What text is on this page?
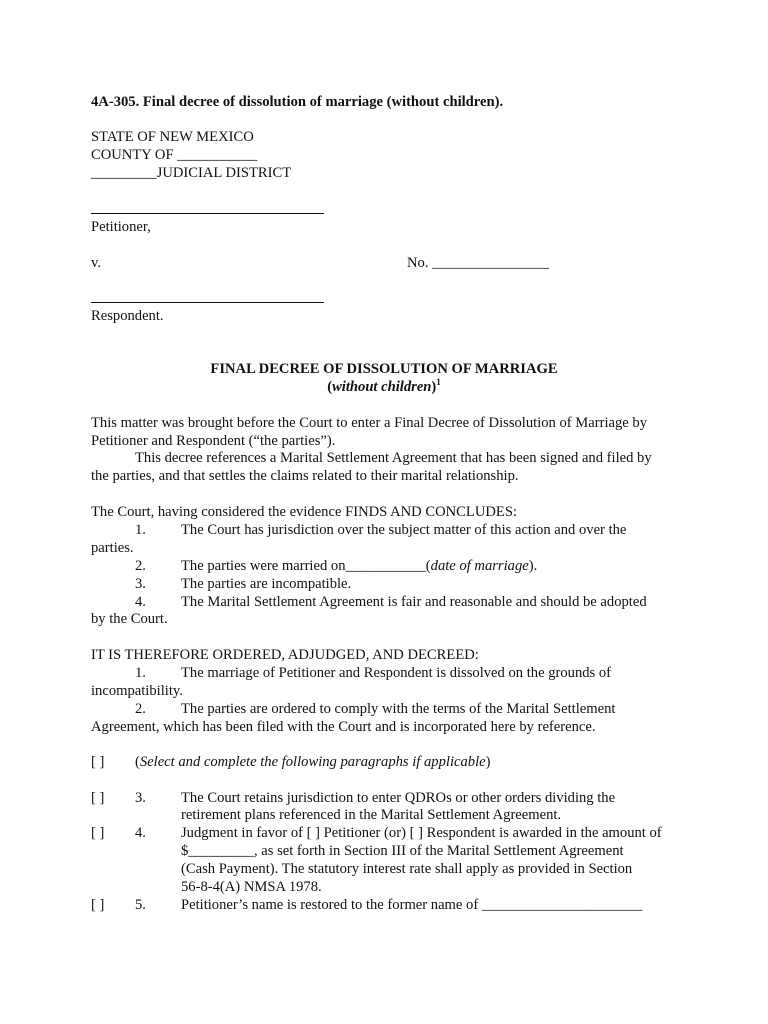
4A-305. Final decree of dissolution of marriage (without children).
STATE OF NEW MEXICO
COUNTY OF ___________
_________JUDICIAL DISTRICT
Petitioner,
v.	No. ________________
Respondent.
FINAL DECREE OF DISSOLUTION OF MARRIAGE
(without children)$^1$
This matter was brought before the Court to enter a Final Decree of Dissolution of Marriage by
Petitioner and Respondent (“the parties”).
This decree references a Marital Settlement Agreement that has been signed and filed by
the parties, and that settles the claims related to their marital relationship.
The Court, having considered the evidence FINDS AND CONCLUDES:
1. The Court has jurisdiction over the subject matter of this action and over the
parties.
2. The parties were married on___________(date of marriage).
3. The parties are incompatible.
4. The Marital Settlement Agreement is fair and reasonable and should be adopted
by the Court.
IT IS THEREFORE ORDERED, ADJUDGED, AND DECREED:
1. The marriage of Petitioner and Respondent is dissolved on the grounds of
incompatibility.
2. The parties are ordered to comply with the terms of the Marital Settlement
Agreement, which has been filed with the Court and is incorporated here by reference.
[ ] (Select and complete the following paragraphs if applicable)
[ ] 3. The Court retains jurisdiction to enter QDROs or other orders dividing the
retirement plans referenced in the Marital Settlement Agreement.
[ ] 4. Judgment in favor of [ ] Petitioner (or) [ ] Respondent is awarded in the amount of
$_________, as set forth in Section III of the Marital Settlement Agreement
(Cash Payment). The statutory interest rate shall apply as provided in Section
56-8-4(A) NMSA 1978.
[ ] 5. Petitioner’s name is restored to the former name of ______________________
